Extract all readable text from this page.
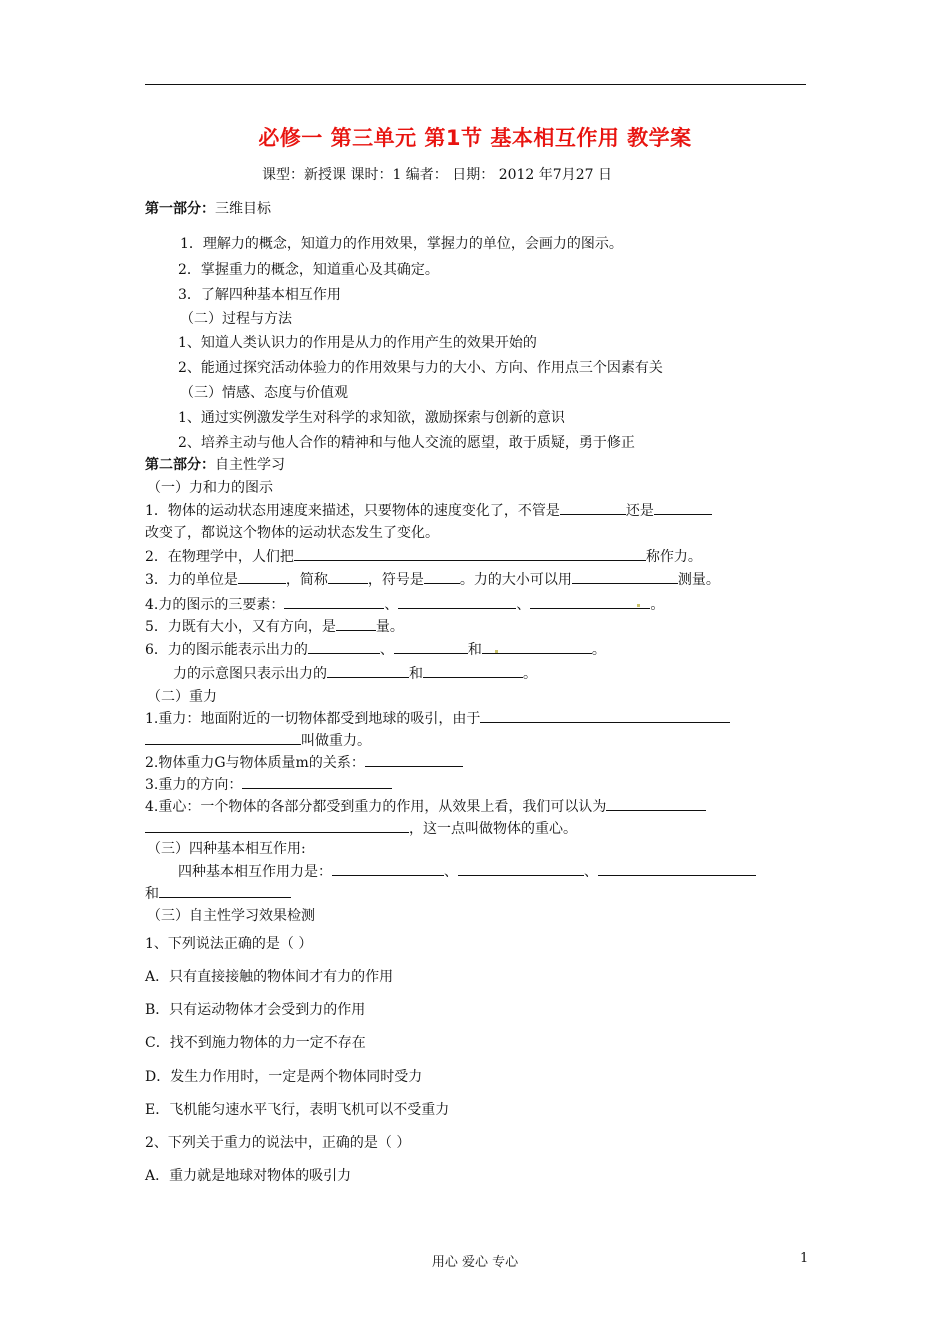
必修一 第三单元 第1节 基本相互作用 教学案
课型：新授课 课时：1 编者： 日期： 2012 年7月27 日
第一部分：三维目标
1．理解力的概念，知道力的作用效果，掌握力的单位，会画力的图示。
2．掌握重力的概念，知道重心及其确定。
3．了解四种基本相互作用
（二）过程与方法
1、知道人类认识力的作用是从力的作用产生的效果开始的
2、能通过探究活动体验力的作用效果与力的大小、方向、作用点三个因素有关
（三）情感、态度与价值观
1、通过实例激发学生对科学的求知欲，激励探索与创新的意识
2、培养主动与他人合作的精神和与他人交流的愿望，敢于质疑，勇于修正
第二部分：自主性学习
（一）力和力的图示
1．物体的运动状态用速度来描述，只要物体的速度变化了，不管是	还是
改变了，都说这个物体的运动状态发生了变化。
2．在物理学中，人们把	称作力。
3．力的单位是	，简称	，符号是	。力的大小可以用	测量。
4.力的图示的三要素：	、	、	。
5．力既有大小，又有方向，是	量。
6．力的图示能表示出力的	、	和	。
力的示意图只表示出力的	和	。
（二）重力
1.重力：地面附近的一切物体都受到地球的吸引，由于
叫做重力。
2.物体重力G与物体质量m的关系：
3.重力的方向：
4.重心：一个物体的各部分都受到重力的作用，从效果上看，我们可以认为
，这一点叫做物体的重心。
（三）四种基本相互作用:
四种基本相互作用力是：	、	、
和
（三）自主性学习效果检测
1、下列说法正确的是（ ）
A．只有直接接触的物体间才有力的作用
B．只有运动物体才会受到力的作用
C．找不到施力物体的力一定不存在
D．发生力作用时，一定是两个物体同时受力
E．飞机能匀速水平飞行，表明飞机可以不受重力
2、下列关于重力的说法中，正确的是（ ）
A．重力就是地球对物体的吸引力
用心 爱心 专心	1
